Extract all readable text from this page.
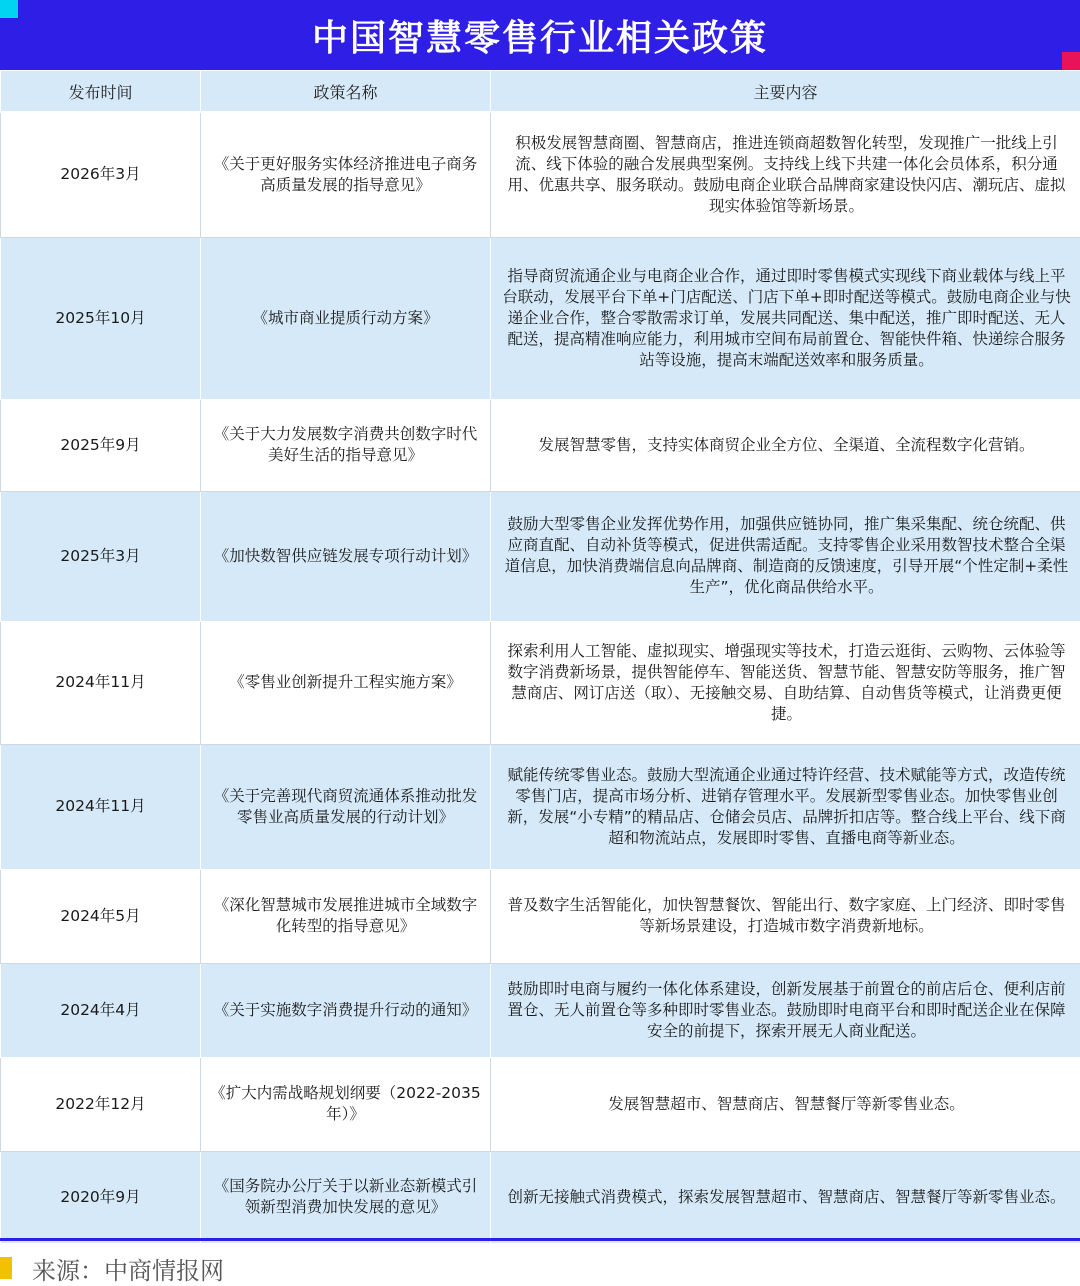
中国智慧零售行业相关政策
发布时间	政策名称	主要内容
2026年3月	《关于更好服务实体经济推进电子商务高质量发展的指导意见》	积极发展智慧商圈、智慧商店，推进连锁商超数智化转型，发现推广一批线上引流、线下体验的融合发展典型案例。支持线上线下共建一体化会员体系，积分通用、优惠共享、服务联动。鼓励电商企业联合品牌商家建设快闪店、潮玩店、虚拟现实体验馆等新场景。
2025年10月	《城市商业提质行动方案》	指导商贸流通企业与电商企业合作，通过即时零售模式实现线下商业载体与线上平台联动，发展平台下单+门店配送、门店下单+即时配送等模式。鼓励电商企业与快递企业合作，整合零散需求订单，发展共同配送、集中配送，推广即时配送、无人配送，提高精准响应能力，利用城市空间布局前置仓、智能快件箱、快递综合服务站等设施，提高末端配送效率和服务质量。
2025年9月	《关于大力发展数字消费共创数字时代美好生活的指导意见》	发展智慧零售，支持实体商贸企业全方位、全渠道、全流程数字化营销。
2025年3月	《加快数智供应链发展专项行动计划》	鼓励大型零售企业发挥优势作用，加强供应链协同，推广集采集配、统仓统配、供应商直配、自动补货等模式，促进供需适配。支持零售企业采用数智技术整合全渠道信息，加快消费端信息向品牌商、制造商的反馈速度，引导开展“个性定制+柔性生产”，优化商品供给水平。
2024年11月	《零售业创新提升工程实施方案》	探索利用人工智能、虚拟现实、增强现实等技术，打造云逛街、云购物、云体验等数字消费新场景，提供智能停车、智能送货、智慧节能、智慧安防等服务，推广智慧商店、网订店送（取）、无接触交易、自助结算、自动售货等模式，让消费更便捷。
2024年11月	《关于完善现代商贸流通体系推动批发零售业高质量发展的行动计划》	赋能传统零售业态。鼓励大型流通企业通过特许经营、技术赋能等方式，改造传统零售门店，提高市场分析、进销存管理水平。发展新型零售业态。加快零售业创新，发展“小专精”的精品店、仓储会员店、品牌折扣店等。整合线上平台、线下商超和物流站点，发展即时零售、直播电商等新业态。
2024年5月	《深化智慧城市发展推进城市全域数字化转型的指导意见》	普及数字生活智能化，加快智慧餐饮、智能出行、数字家庭、上门经济、即时零售等新场景建设，打造城市数字消费新地标。
2024年4月	《关于实施数字消费提升行动的通知》	鼓励即时电商与履约一体化体系建设，创新发展基于前置仓的前店后仓、便利店前置仓、无人前置仓等多种即时零售业态。鼓励即时电商平台和即时配送企业在保障安全的前提下，探索开展无人商业配送。
2022年12月	《扩大内需战略规划纲要（2022-2035年）》	发展智慧超市、智慧商店、智慧餐厅等新零售业态。
2020年9月	《国务院办公厅关于以新业态新模式引领新型消费加快发展的意见》	创新无接触式消费模式，探索发展智慧超市、智慧商店、智慧餐厅等新零售业态。
来源：中商情报网
